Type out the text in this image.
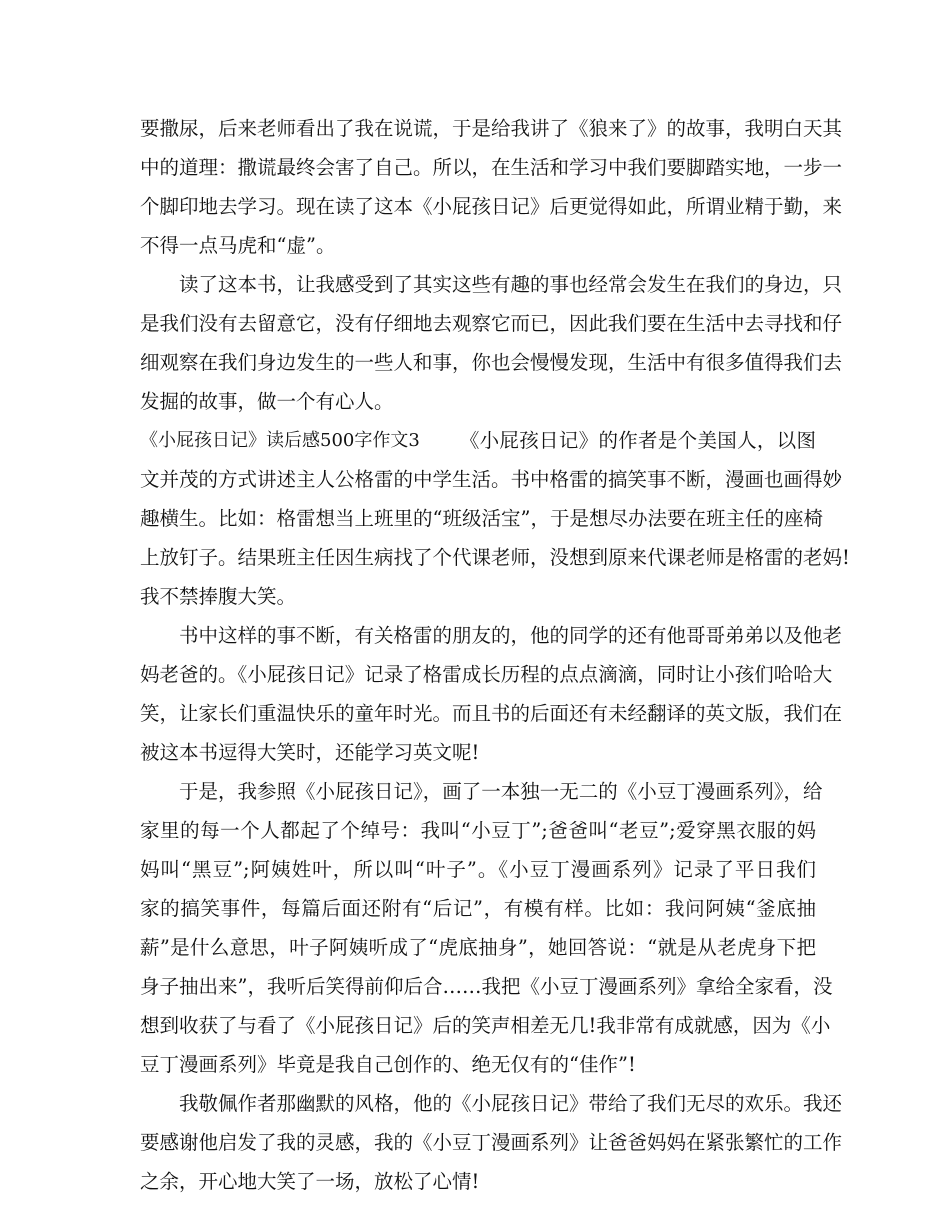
要撒尿，后来老师看出了我在说谎，于是给我讲了《狼来了》的故事，我明白天其
中的道理：撒谎最终会害了自己。所以，在生活和学习中我们要脚踏实地，一步一
个脚印地去学习。现在读了这本《小屁孩日记》后更觉得如此，所谓业精于勤，来
不得一点马虎和“虚”。
读了这本书，让我感受到了其实这些有趣的事也经常会发生在我们的身边，只
是我们没有去留意它，没有仔细地去观察它而已，因此我们要在生活中去寻找和仔
细观察在我们身边发生的一些人和事，你也会慢慢发现，生活中有很多值得我们去
发掘的故事，做一个有心人。
《小屁孩日记》读后感500字作文3	《小屁孩日记》的作者是个美国人，以图
文并茂的方式讲述主人公格雷的中学生活。书中格雷的搞笑事不断，漫画也画得妙
趣横生。比如：格雷想当上班里的“班级活宝”，于是想尽办法要在班主任的座椅
上放钉子。结果班主任因生病找了个代课老师，没想到原来代课老师是格雷的老妈!
我不禁捧腹大笑。
书中这样的事不断，有关格雷的朋友的，他的同学的还有他哥哥弟弟以及他老
妈老爸的。《小屁孩日记》记录了格雷成长历程的点点滴滴，同时让小孩们哈哈大
笑，让家长们重温快乐的童年时光。而且书的后面还有未经翻译的英文版，我们在
被这本书逗得大笑时，还能学习英文呢!
于是，我参照《小屁孩日记》，画了一本独一无二的《小豆丁漫画系列》，给
家里的每一个人都起了个绰号：我叫“小豆丁”;爸爸叫“老豆”;爱穿黑衣服的妈
妈叫“黑豆”;阿姨姓叶，所以叫“叶子”。《小豆丁漫画系列》记录了平日我们
家的搞笑事件，每篇后面还附有“后记”，有模有样。比如：我问阿姨“釜底抽
薪”是什么意思，叶子阿姨听成了“虎底抽身”，她回答说：“就是从老虎身下把
身子抽出来”，我听后笑得前仰后合……我把《小豆丁漫画系列》拿给全家看，没
想到收获了与看了《小屁孩日记》后的笑声相差无几!我非常有成就感，因为《小
豆丁漫画系列》毕竟是我自己创作的、绝无仅有的“佳作”!
我敬佩作者那幽默的风格，他的《小屁孩日记》带给了我们无尽的欢乐。我还
要感谢他启发了我的灵感，我的《小豆丁漫画系列》让爸爸妈妈在紧张繁忙的工作
之余，开心地大笑了一场，放松了心情!
